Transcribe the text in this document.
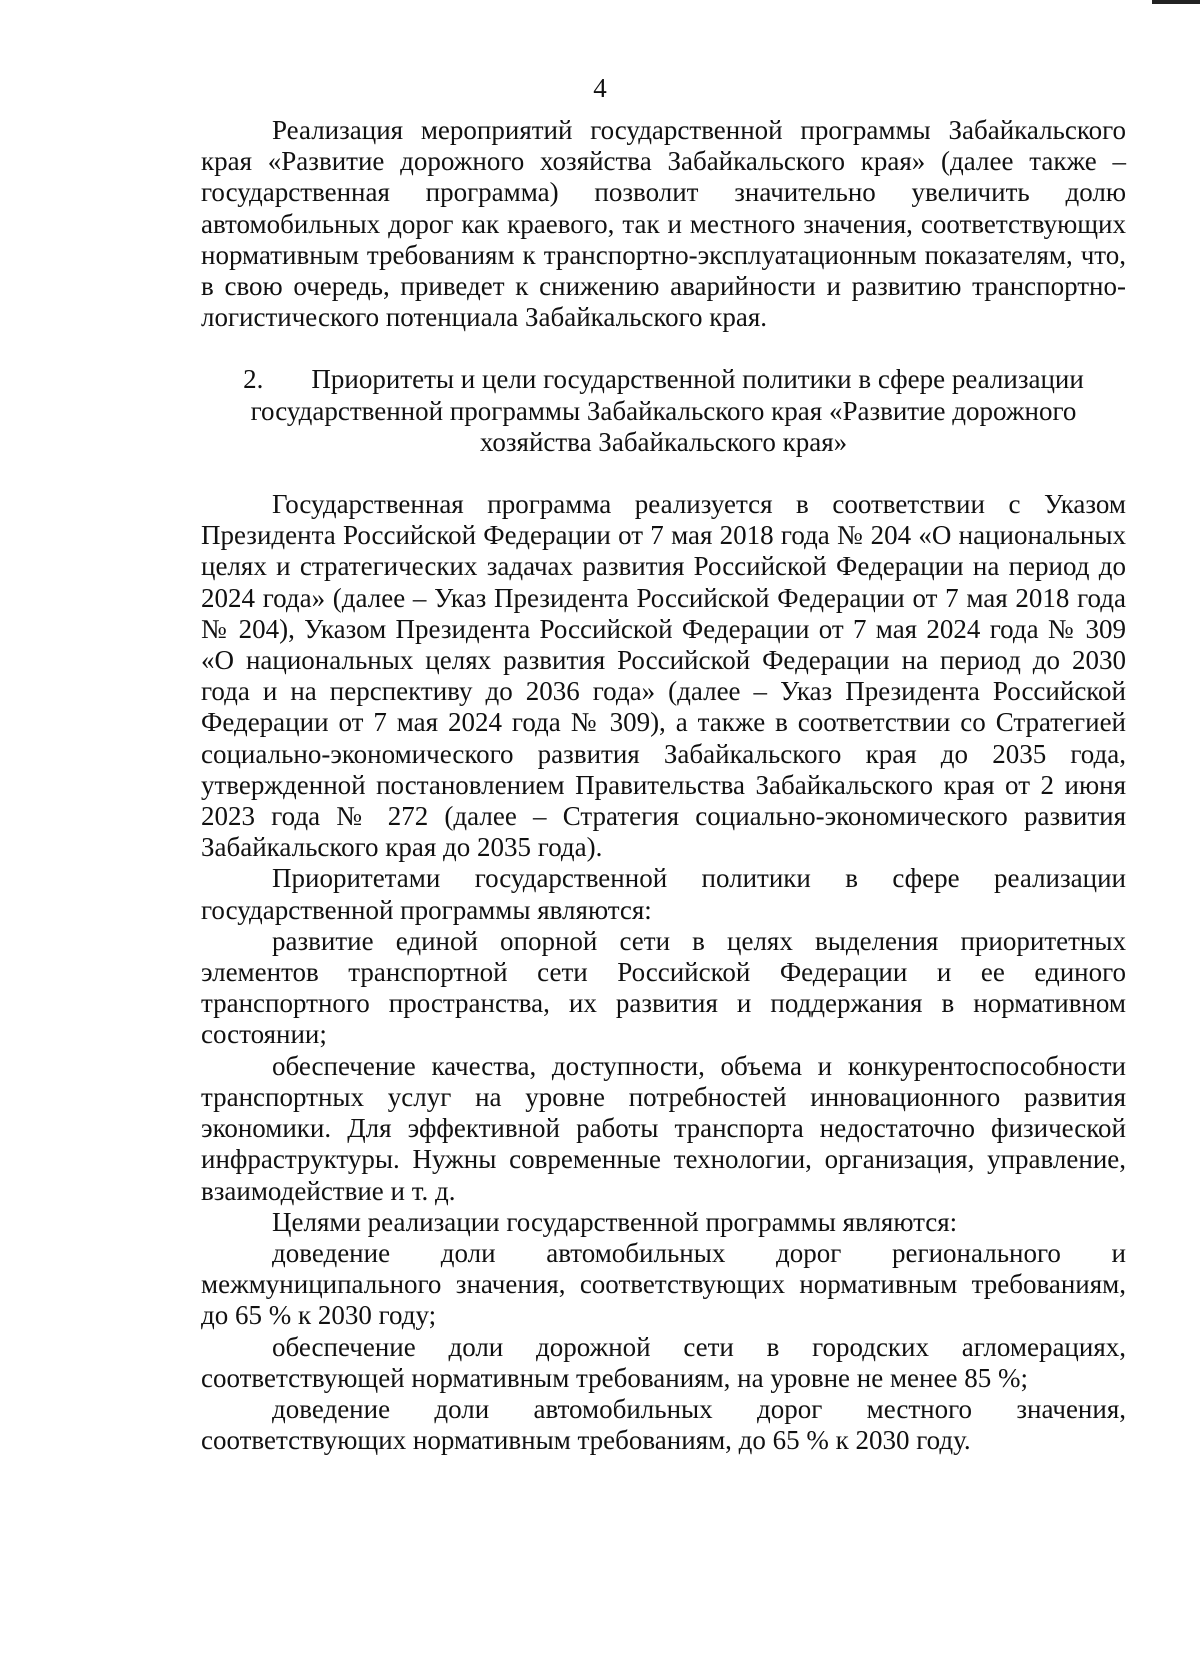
4

Реализация мероприятий государственной программы Забайкальского края «Развитие дорожного хозяйства Забайкальского края» (далее также – государственная программа) позволит значительно увеличить долю автомобильных дорог как краевого, так и местного значения, соответствующих нормативным требованиям к транспортно-эксплуатационным показателям, что, в свою очередь, приведет к снижению аварийности и развитию транспортно-логистического потенциала Забайкальского края.

2. Приоритеты и цели государственной политики в сфере реализации
государственной программы Забайкальского края «Развитие дорожного
хозяйства Забайкальского края»

Государственная программа реализуется в соответствии с Указом Президента Российской Федерации от 7 мая 2018 года № 204 «О национальных целях и стратегических задачах развития Российской Федерации на период до 2024 года» (далее – Указ Президента Российской Федерации от 7 мая 2018 года № 204), Указом Президента Российской Федерации от 7 мая 2024 года № 309 «О национальных целях развития Российской Федерации на период до 2030 года и на перспективу до 2036 года» (далее – Указ Президента Российской Федерации от 7 мая 2024 года № 309), а также в соответствии со Стратегией социально-экономического развития Забайкальского края до 2035 года, утвержденной постановлением Правительства Забайкальского края от 2 июня 2023 года № 272 (далее – Стратегия социально-экономического развития Забайкальского края до 2035 года).

Приоритетами государственной политики в сфере реализации государственной программы являются:

развитие единой опорной сети в целях выделения приоритетных элементов транспортной сети Российской Федерации и ее единого транспортного пространства, их развития и поддержания в нормативном состоянии;

обеспечение качества, доступности, объема и конкурентоспособности транспортных услуг на уровне потребностей инновационного развития экономики. Для эффективной работы транспорта недостаточно физической инфраструктуры. Нужны современные технологии, организация, управление, взаимодействие и т. д.

Целями реализации государственной программы являются:

доведение доли автомобильных дорог регионального и межмуниципального значения, соответствующих нормативным требованиям, до 65 % к 2030 году;

обеспечение доли дорожной сети в городских агломерациях, соответствующей нормативным требованиям, на уровне не менее 85 %;

доведение доли автомобильных дорог местного значения, соответствующих нормативным требованиям, до 65 % к 2030 году.
